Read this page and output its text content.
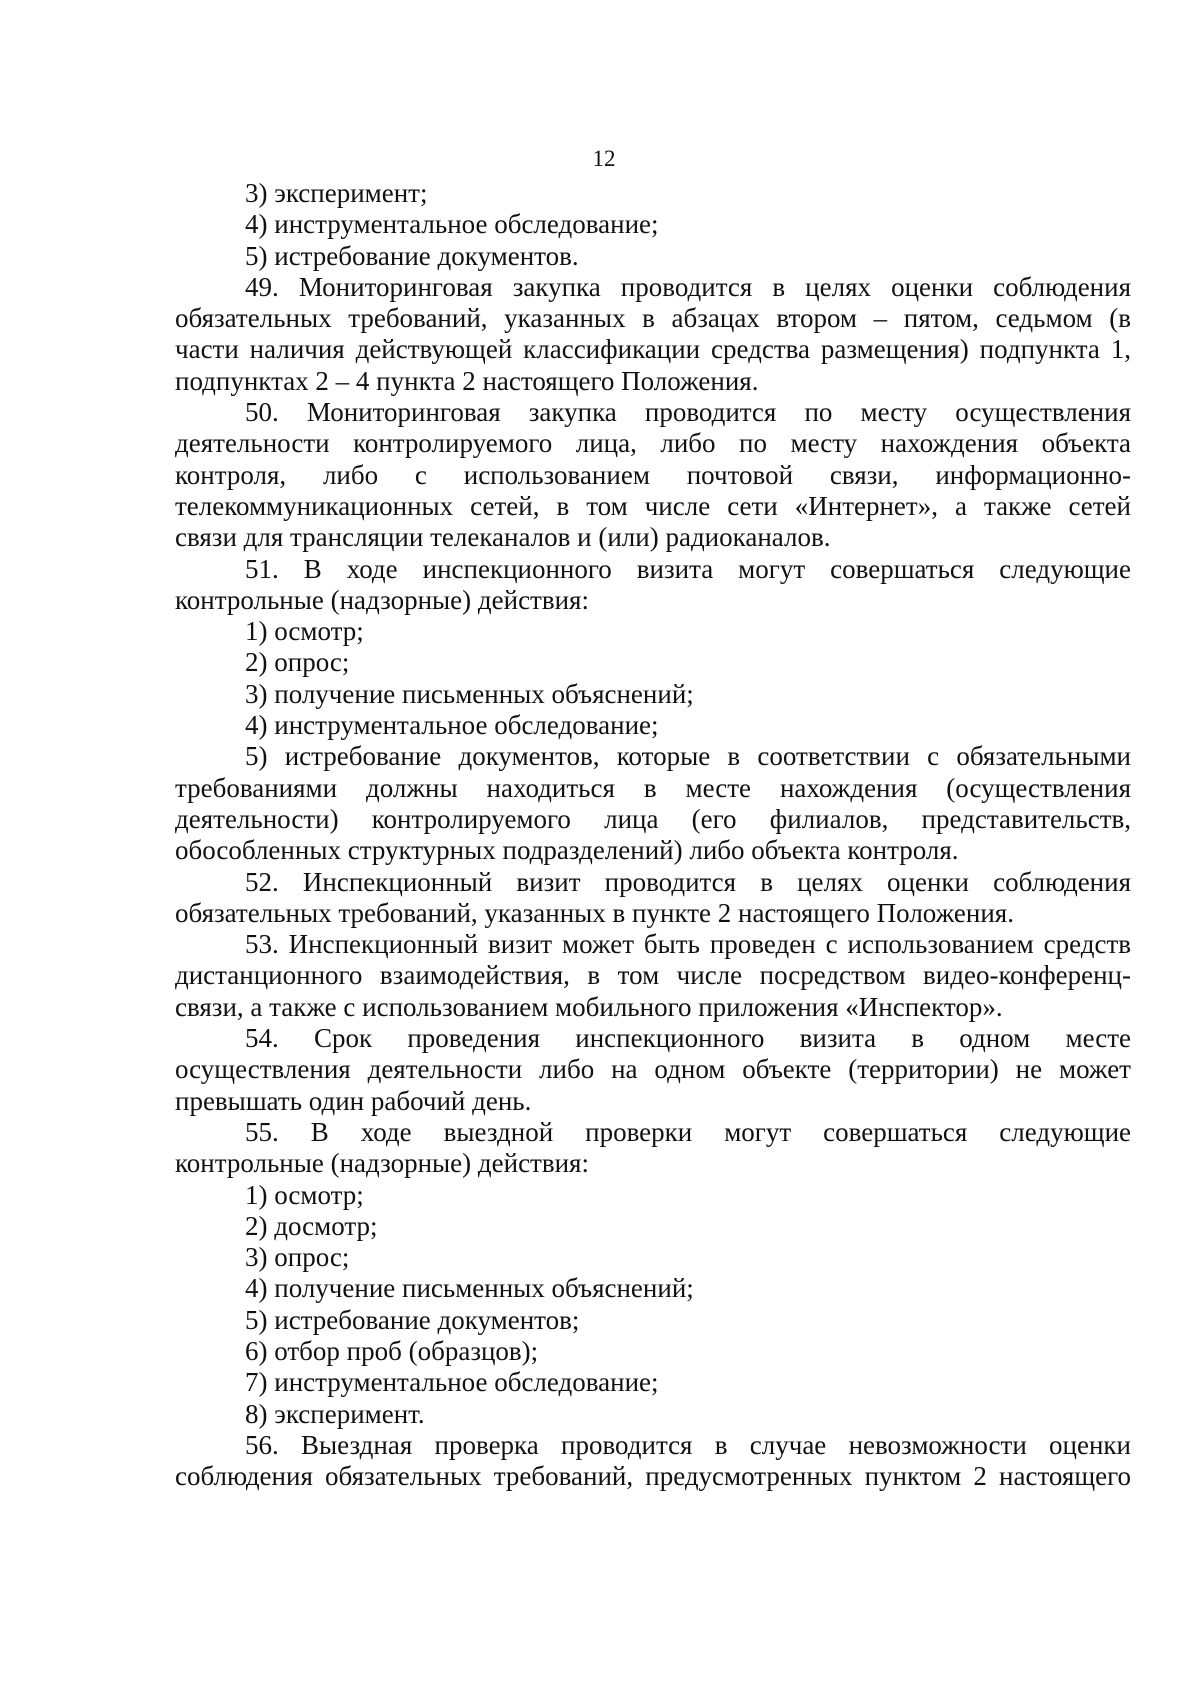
12
3) эксперимент;
4) инструментальное обследование;
5) истребование документов.
49. Мониторинговая закупка проводится в целях оценки соблюдения
обязательных требований, указанных в абзацах втором – пятом, седьмом (в
части наличия действующей классификации средства размещения) подпункта 1,
подпунктах 2 – 4 пункта 2 настоящего Положения.
50. Мониторинговая закупка проводится по месту осуществления
деятельности контролируемого лица, либо по месту нахождения объекта
контроля, либо с использованием почтовой связи, информационно-
телекоммуникационных сетей, в том числе сети «Интернет», а также сетей
связи для трансляции телеканалов и (или) радиоканалов.
51. В ходе инспекционного визита могут совершаться следующие
контрольные (надзорные) действия:
1) осмотр;
2) опрос;
3) получение письменных объяснений;
4) инструментальное обследование;
5) истребование документов, которые в соответствии с обязательными
требованиями должны находиться в месте нахождения (осуществления
деятельности) контролируемого лица (его филиалов, представительств,
обособленных структурных подразделений) либо объекта контроля.
52. Инспекционный визит проводится в целях оценки соблюдения
обязательных требований, указанных в пункте 2 настоящего Положения.
53. Инспекционный визит может быть проведен с использованием средств
дистанционного взаимодействия, в том числе посредством видео-конференц-
связи, а также с использованием мобильного приложения «Инспектор».
54. Срок проведения инспекционного визита в одном месте
осуществления деятельности либо на одном объекте (территории) не может
превышать один рабочий день.
55. В ходе выездной проверки могут совершаться следующие
контрольные (надзорные) действия:
1) осмотр;
2) досмотр;
3) опрос;
4) получение письменных объяснений;
5) истребование документов;
6) отбор проб (образцов);
7) инструментальное обследование;
8) эксперимент.
56. Выездная проверка проводится в случае невозможности оценки
соблюдения обязательных требований, предусмотренных пунктом 2 настоящего
